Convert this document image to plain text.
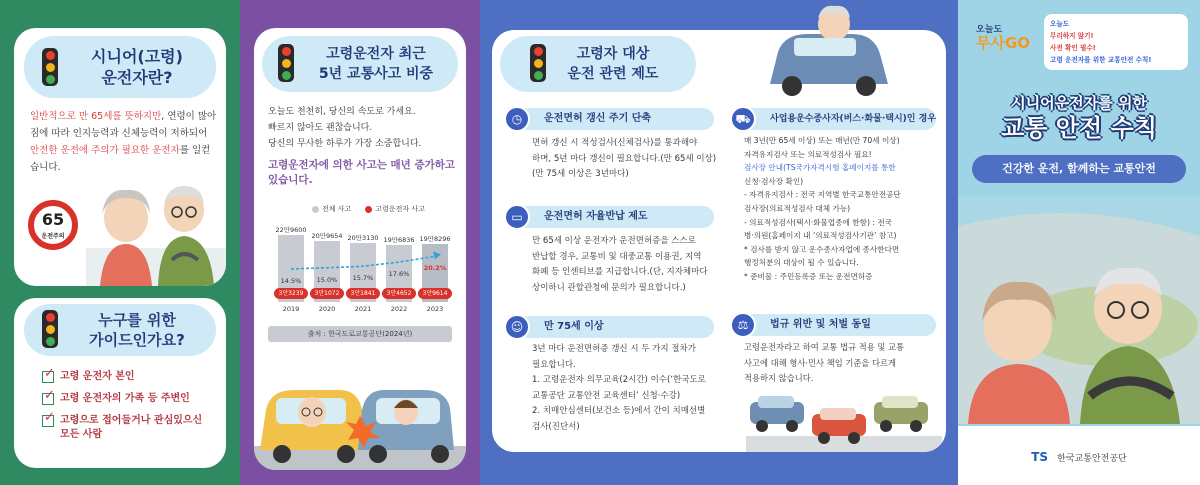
시니어(고령)
운전자란?
일반적으로 만 65세를 뜻하지만, 연령이 많아짐에 따라 인지능력과 신체능력이 저하되어 안전한 운전에 주의가 필요한 운전자를 일컫습니다.
65
운전주의
누구를 위한
가이드인가요?
✓
고령 운전자 본인
✓
고령 운전자의 가족 등 주변인
✓
고령으로 접어들거나 관심있으신 모든 사람
고령운전자 최근
5년 교통사고 비중
오늘도 천천히, 당신의 속도로 가세요.
빠르지 않아도 괜찮습니다.
당신의 무사한 하루가 가장 소중합니다.
고령운전자에 의한 사고는 매년 증가하고 있습니다.
전체 사고	고령운전자 사고
22만9600
14.5%
3만3239
2019
20만9654
15.0%
3만1072
2020
20만3130
15.7%
3만1841
2021
19만6836
17.6%
3만4652
2022
19만8296
20.2%
3만9614
2023
출처 : 한국도로교통공단(2024년)
고령자 대상
운전 관련 제도
운전면허 갱신 주기 단축
◷
면허 갱신 시 적성검사(신체검사)를 통과해야
하며, 5년 마다 갱신이 필요합니다.(만 65세 이상)
(만 75세 이상은 3년마다)
운전면허 자율반납 제도
▭
만 65세 이상 운전자가 운전면허증을 스스로
반납할 경우, 교통비 및 대중교통 이용권, 지역
화폐 등 인센티브를 지급합니다.(단, 지자체마다
상이하니 관할관청에 문의가 필요합니다.)
만 75세 이상
☺
3년 마다 운전면허증 갱신 시 두 가지 절차가
필요합니다.
1. 고령운전자 의무교육(2시간) 이수(‘한국도로
교통공단 교통안전 교육센터’ 신청·수강)
2. 치매안심센터(보건소 등)에서 간이 치매선별
검사(진단서)
사업용운수종사자(버스·화물·택시)인 경우
⛟
매 3년(만 65세 이상) 또는 매년(만 70세 이상)
자격유지검사 또는 의료적성검사 필요!
검사장 안내(TS국가자격시험 홈페이지를 통한
신청·검사장 확인)
- 자격유지검사 : 전국 지역별 한국교통안전공단
검사장(의료적성검사 대체 가능)
- 의료적성검사(택시·화물업종에 한함) : 전국
병·의원(홈페이지 내 ‘의료적성검사기관’ 참고)
* 검사를 받지 않고 운수종사자업에 종사한다면
행정처분의 대상이 될 수 있습니다.
* 준비물 : 주민등록증 또는 운전면허증
법규 위반 및 처벌 동일
⚖
고령운전자라고 하여 교통 법규 적용 및 교통
사고에 대해 형사·민사 책임 기준을 다르게
적용하지 않습니다.
오늘도
무사GO
오늘도
무리하지 않기!
사전 확인 필수!
고령 운전자를 위한 교통안전 수칙!
시니어운전자를 위한
교통 안전 수칙
건강한 운전, 함께하는 교통안전
TS 한국교통안전공단
